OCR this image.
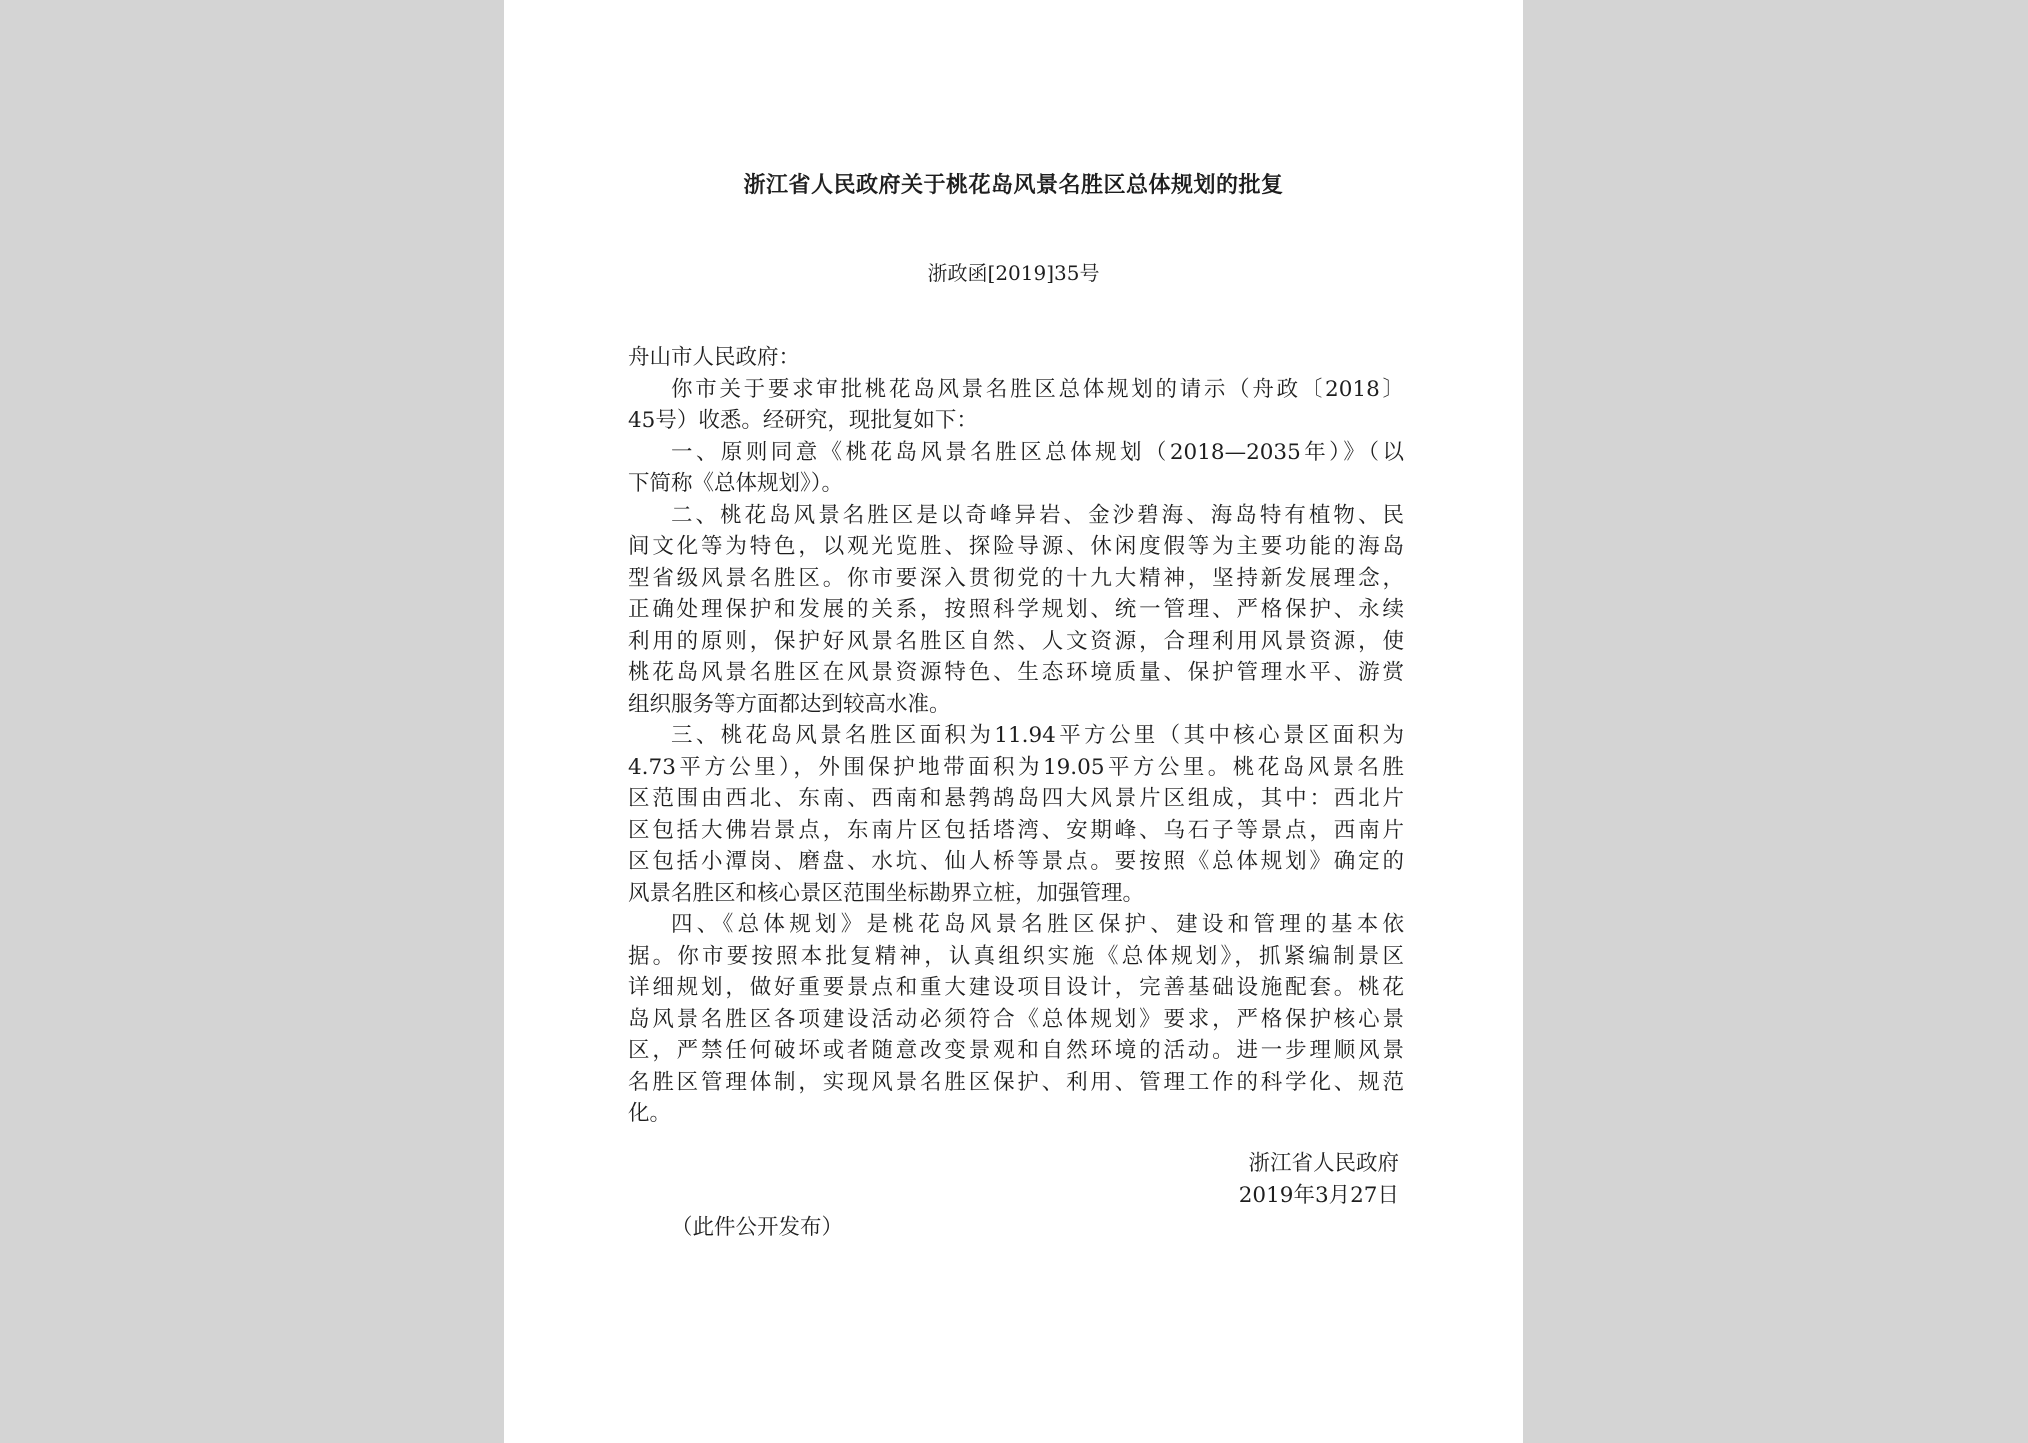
浙江省人民政府关于桃花岛风景名胜区总体规划的批复
浙政函[2019]35号
舟山市人民政府：
你市关于要求审批桃花岛风景名胜区总体规划的请示（舟政〔2018〕
45号）收悉。经研究，现批复如下：
一、原则同意《桃花岛风景名胜区总体规划（2018—2035年）》（以
下简称《总体规划》）。
二、桃花岛风景名胜区是以奇峰异岩、金沙碧海、海岛特有植物、民
间文化等为特色，以观光览胜、探险导源、休闲度假等为主要功能的海岛
型省级风景名胜区。你市要深入贯彻党的十九大精神，坚持新发展理念，
正确处理保护和发展的关系，按照科学规划、统一管理、严格保护、永续
利用的原则，保护好风景名胜区自然、人文资源，合理利用风景资源，使
桃花岛风景名胜区在风景资源特色、生态环境质量、保护管理水平、游赏
组织服务等方面都达到较高水准。
三、桃花岛风景名胜区面积为11.94平方公里（其中核心景区面积为
4.73平方公里），外围保护地带面积为19.05平方公里。桃花岛风景名胜
区范围由西北、东南、西南和悬鹁鸪岛四大风景片区组成，其中：西北片
区包括大佛岩景点，东南片区包括塔湾、安期峰、乌石子等景点，西南片
区包括小潭岗、磨盘、水坑、仙人桥等景点。要按照《总体规划》确定的
风景名胜区和核心景区范围坐标勘界立桩，加强管理。
四、《总体规划》是桃花岛风景名胜区保护、建设和管理的基本依
据。你市要按照本批复精神，认真组织实施《总体规划》，抓紧编制景区
详细规划，做好重要景点和重大建设项目设计，完善基础设施配套。桃花
岛风景名胜区各项建设活动必须符合《总体规划》要求，严格保护核心景
区，严禁任何破坏或者随意改变景观和自然环境的活动。进一步理顺风景
名胜区管理体制，实现风景名胜区保护、利用、管理工作的科学化、规范
化。
浙江省人民政府
2019年3月27日
（此件公开发布）
